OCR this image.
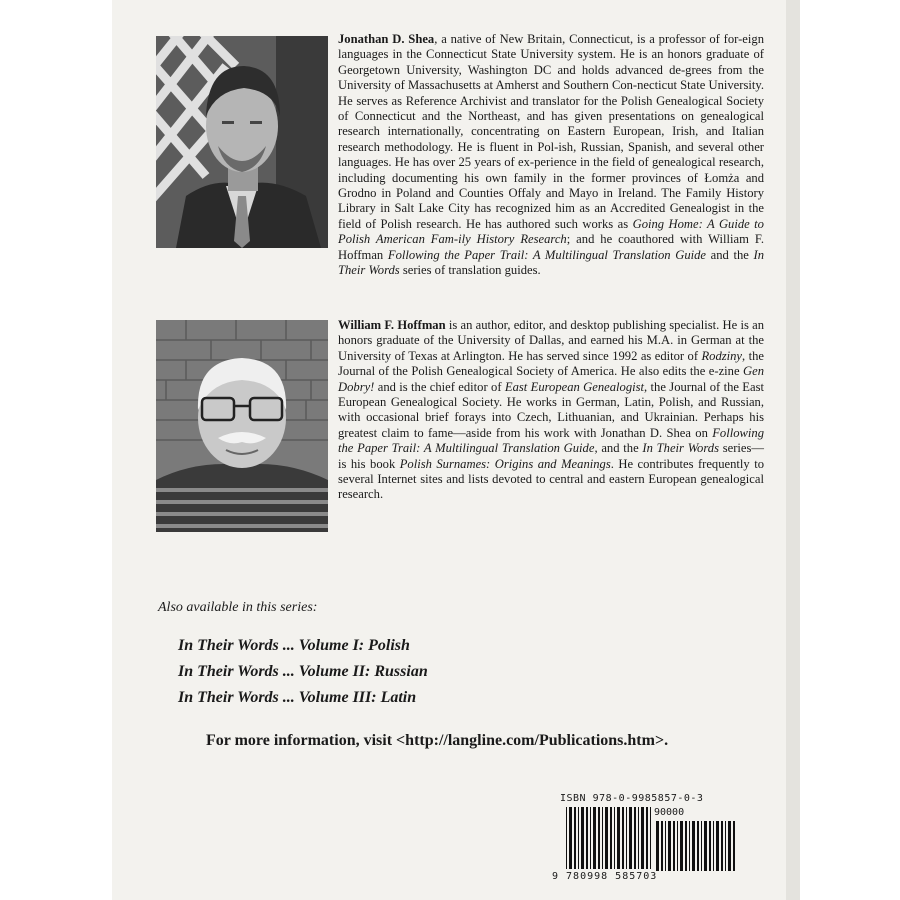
Jonathan D. Shea, a native of New Britain, Connecticut, is a professor of for-eign languages in the Connecticut State University system. He is an honors graduate of Georgetown University, Washington DC and holds advanced de-grees from the University of Massachusetts at Amherst and Southern Con-necticut State University. He serves as Reference Archivist and translator for the Polish Genealogical Society of Connecticut and the Northeast, and has given presentations on genealogical research internationally, concentrating on Eastern European, Irish, and Italian research methodology. He is fluent in Pol-ish, Russian, Spanish, and several other languages. He has over 25 years of ex-perience in the field of genealogical research, including documenting his own family in the former provinces of Łomża and Grodno in Poland and Counties Offaly and Mayo in Ireland. The Family History Library in Salt Lake City has recognized him as an Accredited Genealogist in the field of Polish research. He has authored such works as Going Home: A Guide to Polish American Fam-ily History Research; and he coauthored with William F. Hoffman Following the Paper Trail: A Multilingual Translation Guide and the In Their Words series of translation guides.
William F. Hoffman is an author, editor, and desktop publishing specialist. He is an honors graduate of the University of Dallas, and earned his M.A. in German at the University of Texas at Arlington. He has served since 1992 as editor of Rodziny, the Journal of the Polish Genealogical Society of America. He also edits the e-zine Gen Dobry! and is the chief editor of East European Genealogist, the Journal of the East European Genealogical Society. He works in German, Latin, Polish, and Russian, with occasional brief forays into Czech, Lithuanian, and Ukrainian. Perhaps his greatest claim to fame—aside from his work with Jonathan D. Shea on Following the Paper Trail: A Multilingual Translation Guide, and the In Their Words series—is his book Polish Surnames: Origins and Meanings. He contributes frequently to several Internet sites and lists devoted to central and eastern European genealogical research.
Also available in this series:
In Their Words ... Volume I: Polish
In Their Words ... Volume II: Russian
In Their Words ... Volume III: Latin
For more information, visit <http://langline.com/Publications.htm>.
ISBN 978-0-9985857-0-3
90000
9 780998 585703
